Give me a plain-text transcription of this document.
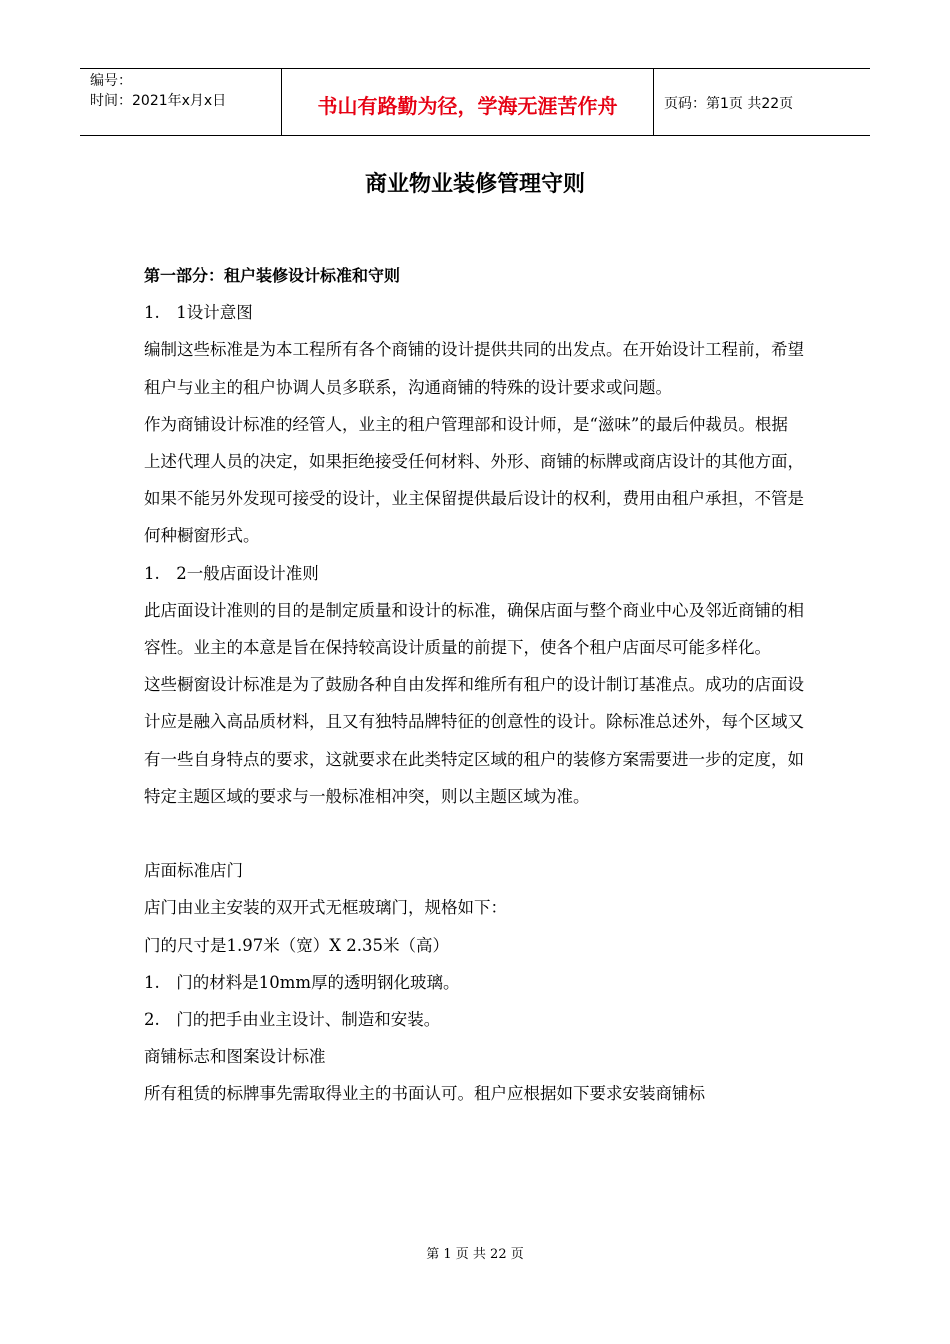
编号：
时间：2021年x月x日	书山有路勤为径，学海无涯苦作舟	页码：第1页 共22页
商业物业装修管理守则

第一部分：租户装修设计标准和守则

1.　1设计意图

编制这些标准是为本工程所有各个商铺的设计提供共同的出发点。在开始设计工程前，希望租户与业主的租户协调人员多联系，沟通商铺的特殊的设计要求或问题。

作为商铺设计标准的经管人，业主的租户管理部和设计师，是“滋味”的最后仲裁员。根据上述代理人员的决定，如果拒绝接受任何材料、外形、商铺的标牌或商店设计的其他方面，如果不能另外发现可接受的设计，业主保留提供最后设计的权利，费用由租户承担，不管是何种橱窗形式。

1.　2一般店面设计准则

此店面设计准则的目的是制定质量和设计的标准，确保店面与整个商业中心及邻近商铺的相容性。业主的本意是旨在保持较高设计质量的前提下，使各个租户店面尽可能多样化。

这些橱窗设计标准是为了鼓励各种自由发挥和维所有租户的设计制订基准点。成功的店面设计应是融入高品质材料，且又有独特品牌特征的创意性的设计。除标准总述外，每个区域又有一些自身特点的要求，这就要求在此类特定区域的租户的装修方案需要进一步的定度，如特定主题区域的要求与一般标准相冲突，则以主题区域为准。

店面标准店门

店门由业主安装的双开式无框玻璃门，规格如下：

门的尺寸是1.97米（宽）X 2.35米（高）

1.　门的材料是10mm厚的透明钢化玻璃。

2.　门的把手由业主设计、制造和安装。

商铺标志和图案设计标准

所有租赁的标牌事先需取得业主的书面认可。租户应根据如下要求安装商铺标

第 1 页 共 22 页
